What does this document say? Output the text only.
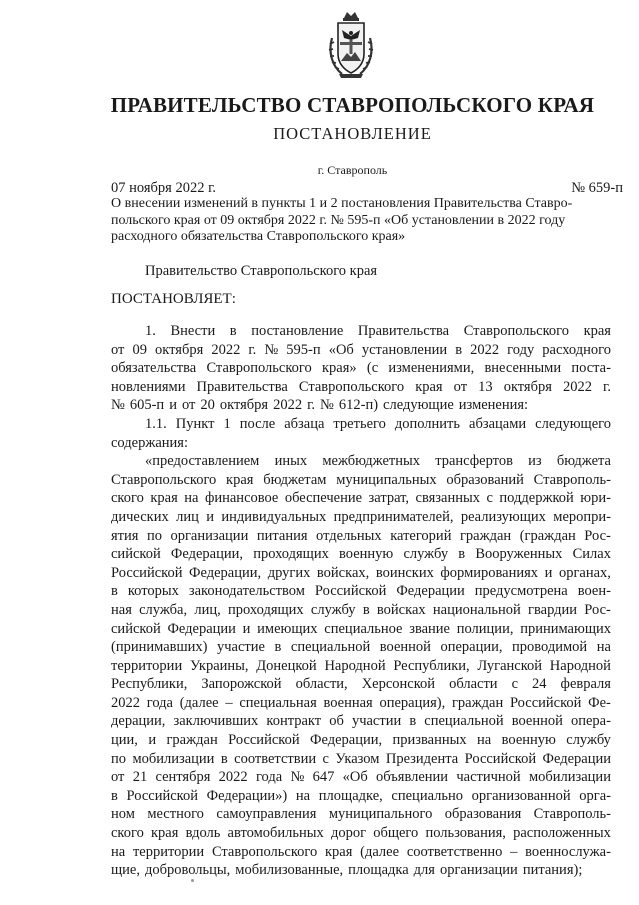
ПРАВИТЕЛЬСТВО СТАВРОПОЛЬСКОГО КРАЯ
ПОСТАНОВЛЕНИЕ
г. Ставрополь
07 ноября 2022 г.	№ 659-п
О внесении изменений в пункты 1 и 2 постановления Правительства Ставро-
польского края от 09 октября 2022 г. № 595-п «Об установлении в 2022 году
расходного обязательства Ставропольского края»
Правительство Ставропольского края
ПОСТАНОВЛЯЕТ:
1. Внести в постановление Правительства Ставропольского края
от 09 октября 2022 г. № 595-п «Об установлении в 2022 году расходного
обязательства Ставропольского края» (с изменениями, внесенными поста-
новлениями Правительства Ставропольского края от 13 октября 2022 г.
№ 605-п и от 20 октября 2022 г. № 612-п) следующие изменения:
1.1. Пункт 1 после абзаца третьего дополнить абзацами следующего
содержания:
«предоставлением иных межбюджетных трансфертов из бюджета
Ставропольского края бюджетам муниципальных образований Ставрополь-
ского края на финансовое обеспечение затрат, связанных с поддержкой юри-
дических лиц и индивидуальных предпринимателей, реализующих меропри-
ятия по организации питания отдельных категорий граждан (граждан Рос-
сийской Федерации, проходящих военную службу в Вооруженных Силах
Российской Федерации, других войсках, воинских формированиях и органах,
в которых законодательством Российской Федерации предусмотрена воен-
ная служба, лиц, проходящих службу в войсках национальной гвардии Рос-
сийской Федерации и имеющих специальное звание полиции, принимающих
(принимавших) участие в специальной военной операции, проводимой на
территории Украины, Донецкой Народной Республики, Луганской Народной
Республики, Запорожской области, Херсонской области с 24 февраля
2022 года (далее – специальная военная операция), граждан Российской Фе-
дерации, заключивших контракт об участии в специальной военной опера-
ции, и граждан Российской Федерации, призванных на военную службу
по мобилизации в соответствии с Указом Президента Российской Федерации
от 21 сентября 2022 года № 647 «Об объявлении частичной мобилизации
в Российской Федерации») на площадке, специально организованной орга-
ном местного самоуправления муниципального образования Ставрополь-
ского края вдоль автомобильных дорог общего пользования, расположенных
на территории Ставропольского края (далее соответственно – военнослужа-
щие, добровольцы, мобилизованные, площадка для организации питания);
